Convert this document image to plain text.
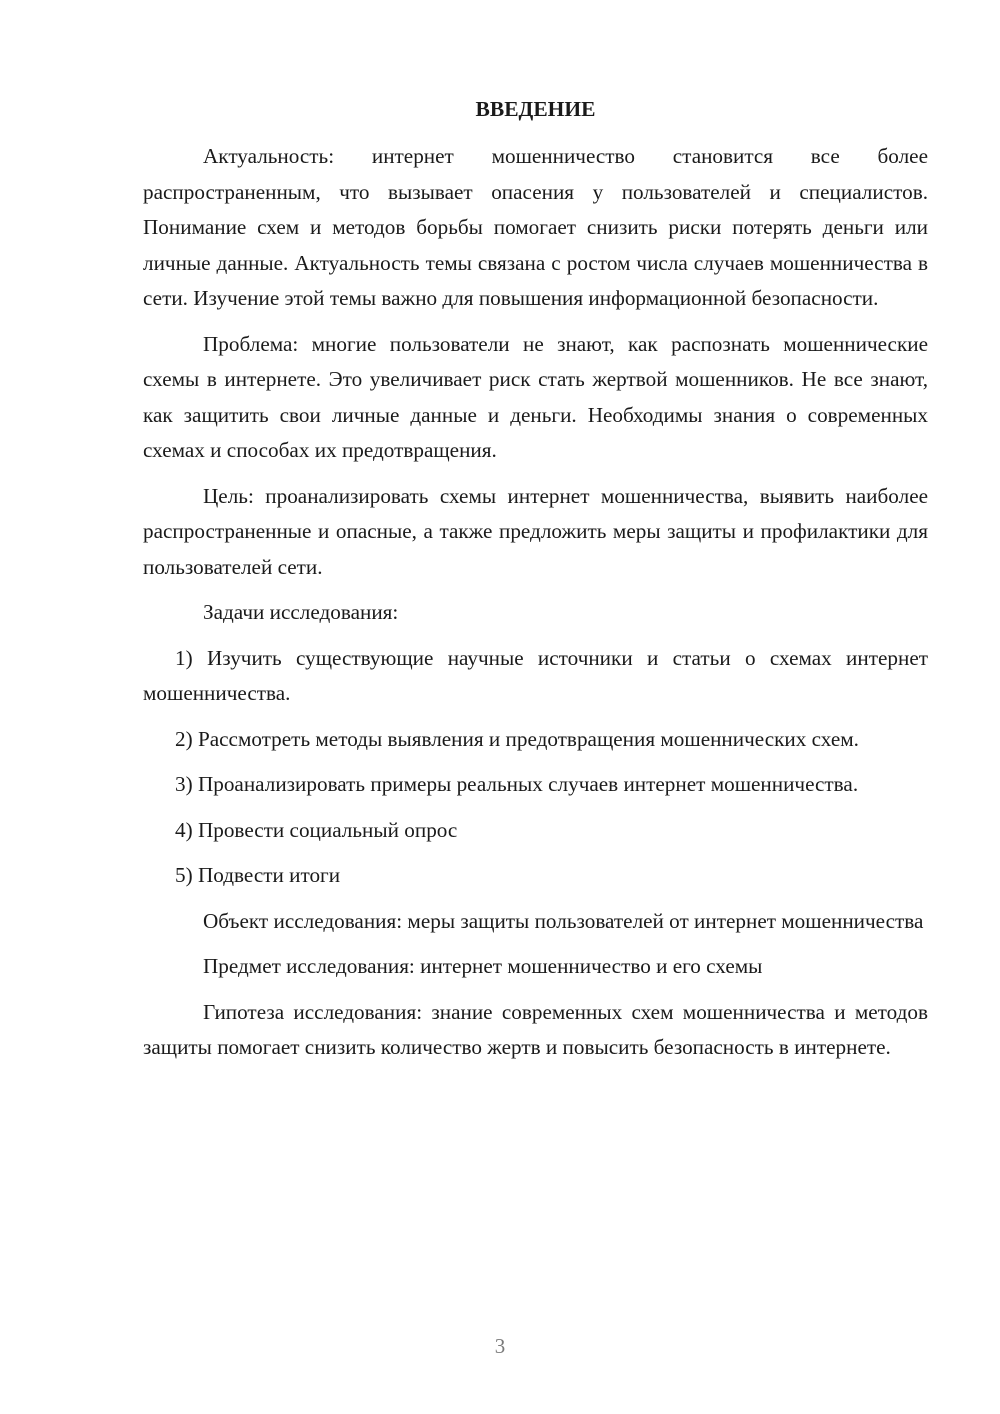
ВВЕДЕНИЕ

Актуальность: интернет мошенничество становится все более распространенным, что вызывает опасения у пользователей и специалистов. Понимание схем и методов борьбы помогает снизить риски потерять деньги или личные данные. Актуальность темы связана с ростом числа случаев мошенничества в сети. Изучение этой темы важно для повышения информационной безопасности.

Проблема: многие пользователи не знают, как распознать мошеннические схемы в интернете. Это увеличивает риск стать жертвой мошенников. Не все знают, как защитить свои личные данные и деньги. Необходимы знания о современных схемах и способах их предотвращения.

Цель: проанализировать схемы интернет мошенничества, выявить наиболее распространенные и опасные, а также предложить меры защиты и профилактики для пользователей сети.

Задачи исследования:

1) Изучить существующие научные источники и статьи о схемах интернет мошенничества.

2) Рассмотреть методы выявления и предотвращения мошеннических схем.

3) Проанализировать примеры реальных случаев интернет мошенничества.

4) Провести социальный опрос

5) Подвести итоги

Объект исследования: меры защиты пользователей от интернет мошенничества

Предмет исследования: интернет мошенничество и его схемы

Гипотеза исследования: знание современных схем мошенничества и методов защиты помогает снизить количество жертв и повысить безопасность в интернете.

3
